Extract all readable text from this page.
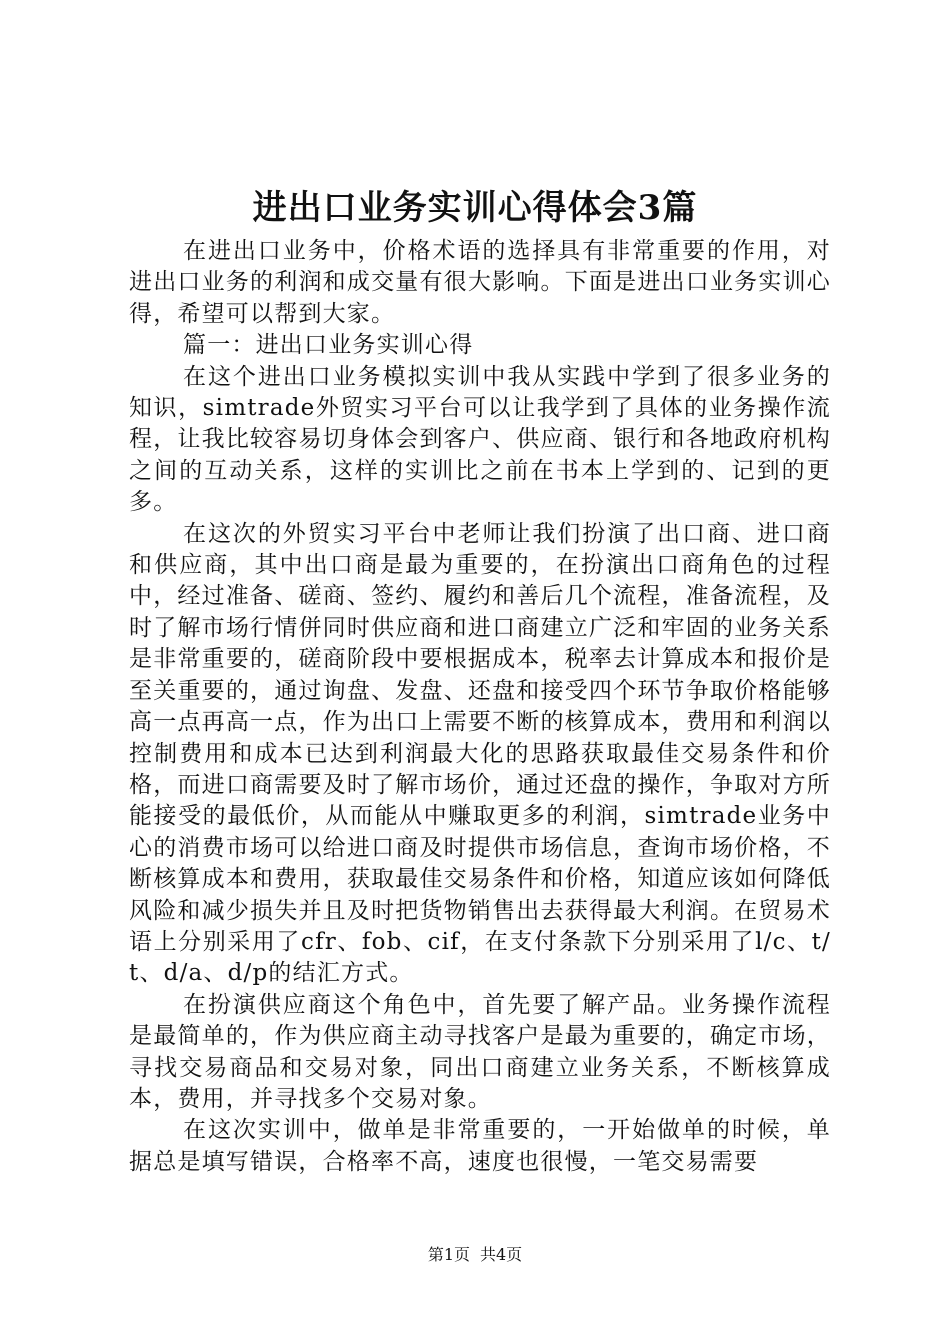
进出口业务实训心得体会3篇

在进出口业务中，价格术语的选择具有非常重要的作用，对进出口业务的利润和成交量有很大影响。下面是进出口业务实训心得，希望可以帮到大家。

篇一：进出口业务实训心得

在这个进出口业务模拟实训中我从实践中学到了很多业务的知识，simtrade外贸实习平台可以让我学到了具体的业务操作流程，让我比较容易切身体会到客户、供应商、银行和各地政府机构之间的互动关系，这样的实训比之前在书本上学到的、记到的更多。

在这次的外贸实习平台中老师让我们扮演了出口商、进口商和供应商，其中出口商是最为重要的，在扮演出口商角色的过程中，经过准备、磋商、签约、履约和善后几个流程，准备流程，及时了解市场行情併同时供应商和进口商建立广泛和牢固的业务关系是非常重要的，磋商阶段中要根据成本，税率去计算成本和报价是至关重要的，通过询盘、发盘、还盘和接受四个环节争取价格能够高一点再高一点，作为出口上需要不断的核算成本，费用和利润以控制费用和成本已达到利润最大化的思路获取最佳交易条件和价格，而进口商需要及时了解市场价，通过还盘的操作，争取对方所能接受的最低价，从而能从中赚取更多的利润，simtrade业务中心的消费市场可以给进口商及时提供市场信息，查询市场价格，不断核算成本和费用，获取最佳交易条件和价格，知道应该如何降低风险和减少损失并且及时把货物销售出去获得最大利润。在贸易术语上分别采用了cfr、fob、cif，在支付条款下分别采用了l/c、t/t、d/a、d/p的结汇方式。

在扮演供应商这个角色中，首先要了解产品。业务操作流程是最简单的，作为供应商主动寻找客户是最为重要的，确定市场，寻找交易商品和交易对象，同出口商建立业务关系，不断核算成本，费用，并寻找多个交易对象。

在这次实训中，做单是非常重要的，一开始做单的时候，单据总是填写错误，合格率不高，速度也很慢，一笔交易需要

第1页 共4页
